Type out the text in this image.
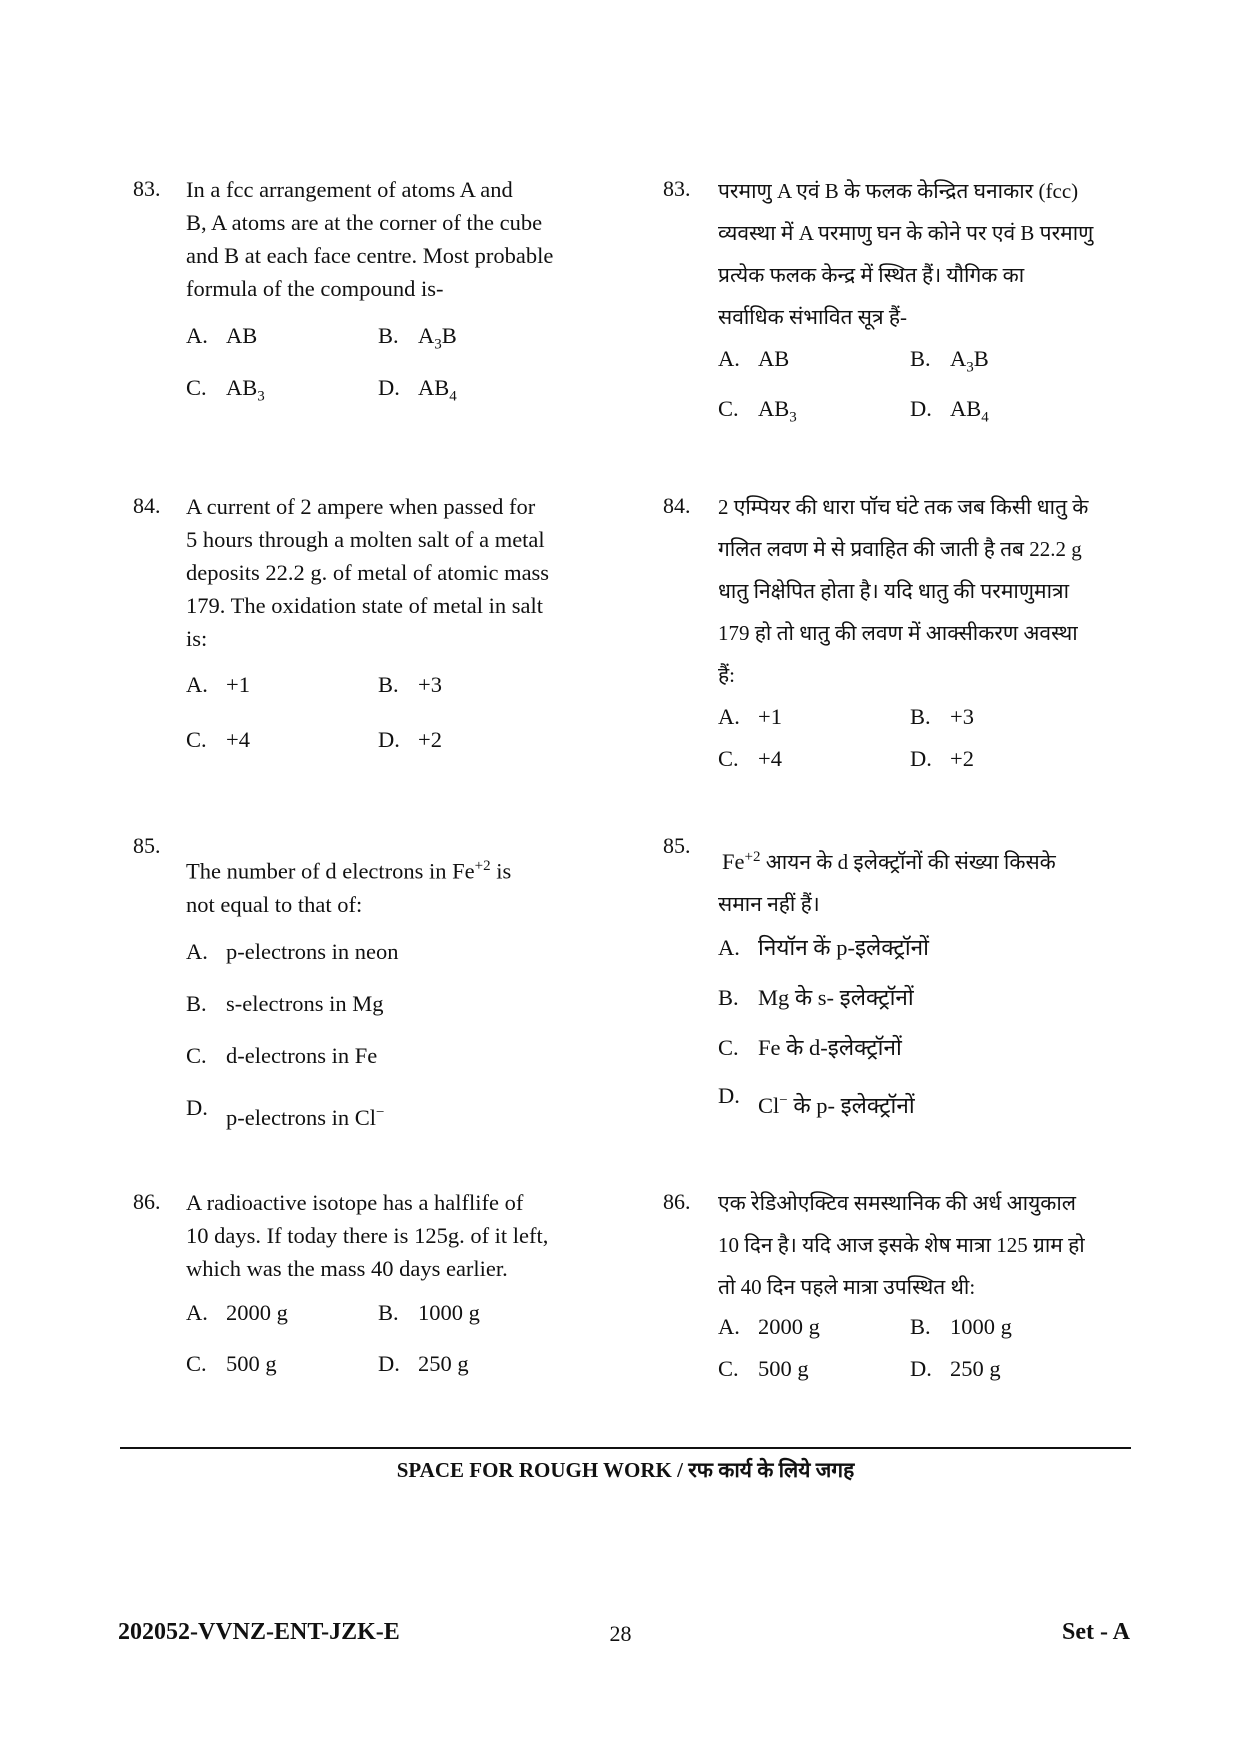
83. In a fcc arrangement of atoms A and
B, A atoms are at the corner of the cube
and B at each face centre. Most probable
formula of the compound is-
A. AB	B. $A_3B$
C. $AB_3$	D. $AB_4$
84. A current of 2 ampere when passed for
5 hours through a molten salt of a metal
deposits 22.2 g. of metal of atomic mass
179. The oxidation state of metal in salt
is:
A. +1	B. +3
C. +4	D. +2
85.
The number of d electrons in $Fe^{+2}$ is
not equal to that of:
A. p-electrons in neon
B. s-electrons in Mg
C. d-electrons in Fe
D. p-electrons in Cl−
86. A radioactive isotope has a halflife of
10 days. If today there is 125g. of it left,
which was the mass 40 days earlier.
A. 2000 g	B. 1000 g
C. 500 g	D. 250 g
83. परमाणु A एवं B के फलक केन्द्रित घनाकार (fcc)
व्यवस्था में A परमाणु घन के कोने पर एवं B परमाणु
प्रत्येक फलक केन्द्र में स्थित हैं। यौगिक का
सर्वाधिक संभावित सूत्र हैं-
A. AB	B. $A_3B$
C. $AB_3$	D. $AB_4$
84. 2 एम्पियर की धारा पॉच घंटे तक जब किसी धातु के
गलित लवण मे से प्रवाहित की जाती है तब 22.2 g
धातु निक्षेपित होता है। यदि धातु की परमाणुमात्रा
179 हो तो धातु की लवण में आक्सीकरण अवस्था
हैं:
A. +1	B. +3
C. +4	D. +2
85.
$Fe^{+2}$ आयन के d इलेक्ट्रॉनों की संख्या किसके
समान नहीं हैं।
A. नियॉन कें p-इलेक्ट्रॉनों
B. Mg के s- इलेक्ट्रॉनों
C. Fe के d-इलेक्ट्रॉनों
D. Cl− के p- इलेक्ट्रॉनों
86. एक रेडिओएक्टिव समस्थानिक की अर्ध आयुकाल
10 दिन है। यदि आज इसके शेष मात्रा 125 ग्राम हो
तो 40 दिन पहले मात्रा उपस्थित थी:
A. 2000 g	B. 1000 g
C. 500 g	D. 250 g
SPACE FOR ROUGH WORK / रफ कार्य के लिये जगह
202052-VVNZ-ENT-JZK-E	28	Set - A
